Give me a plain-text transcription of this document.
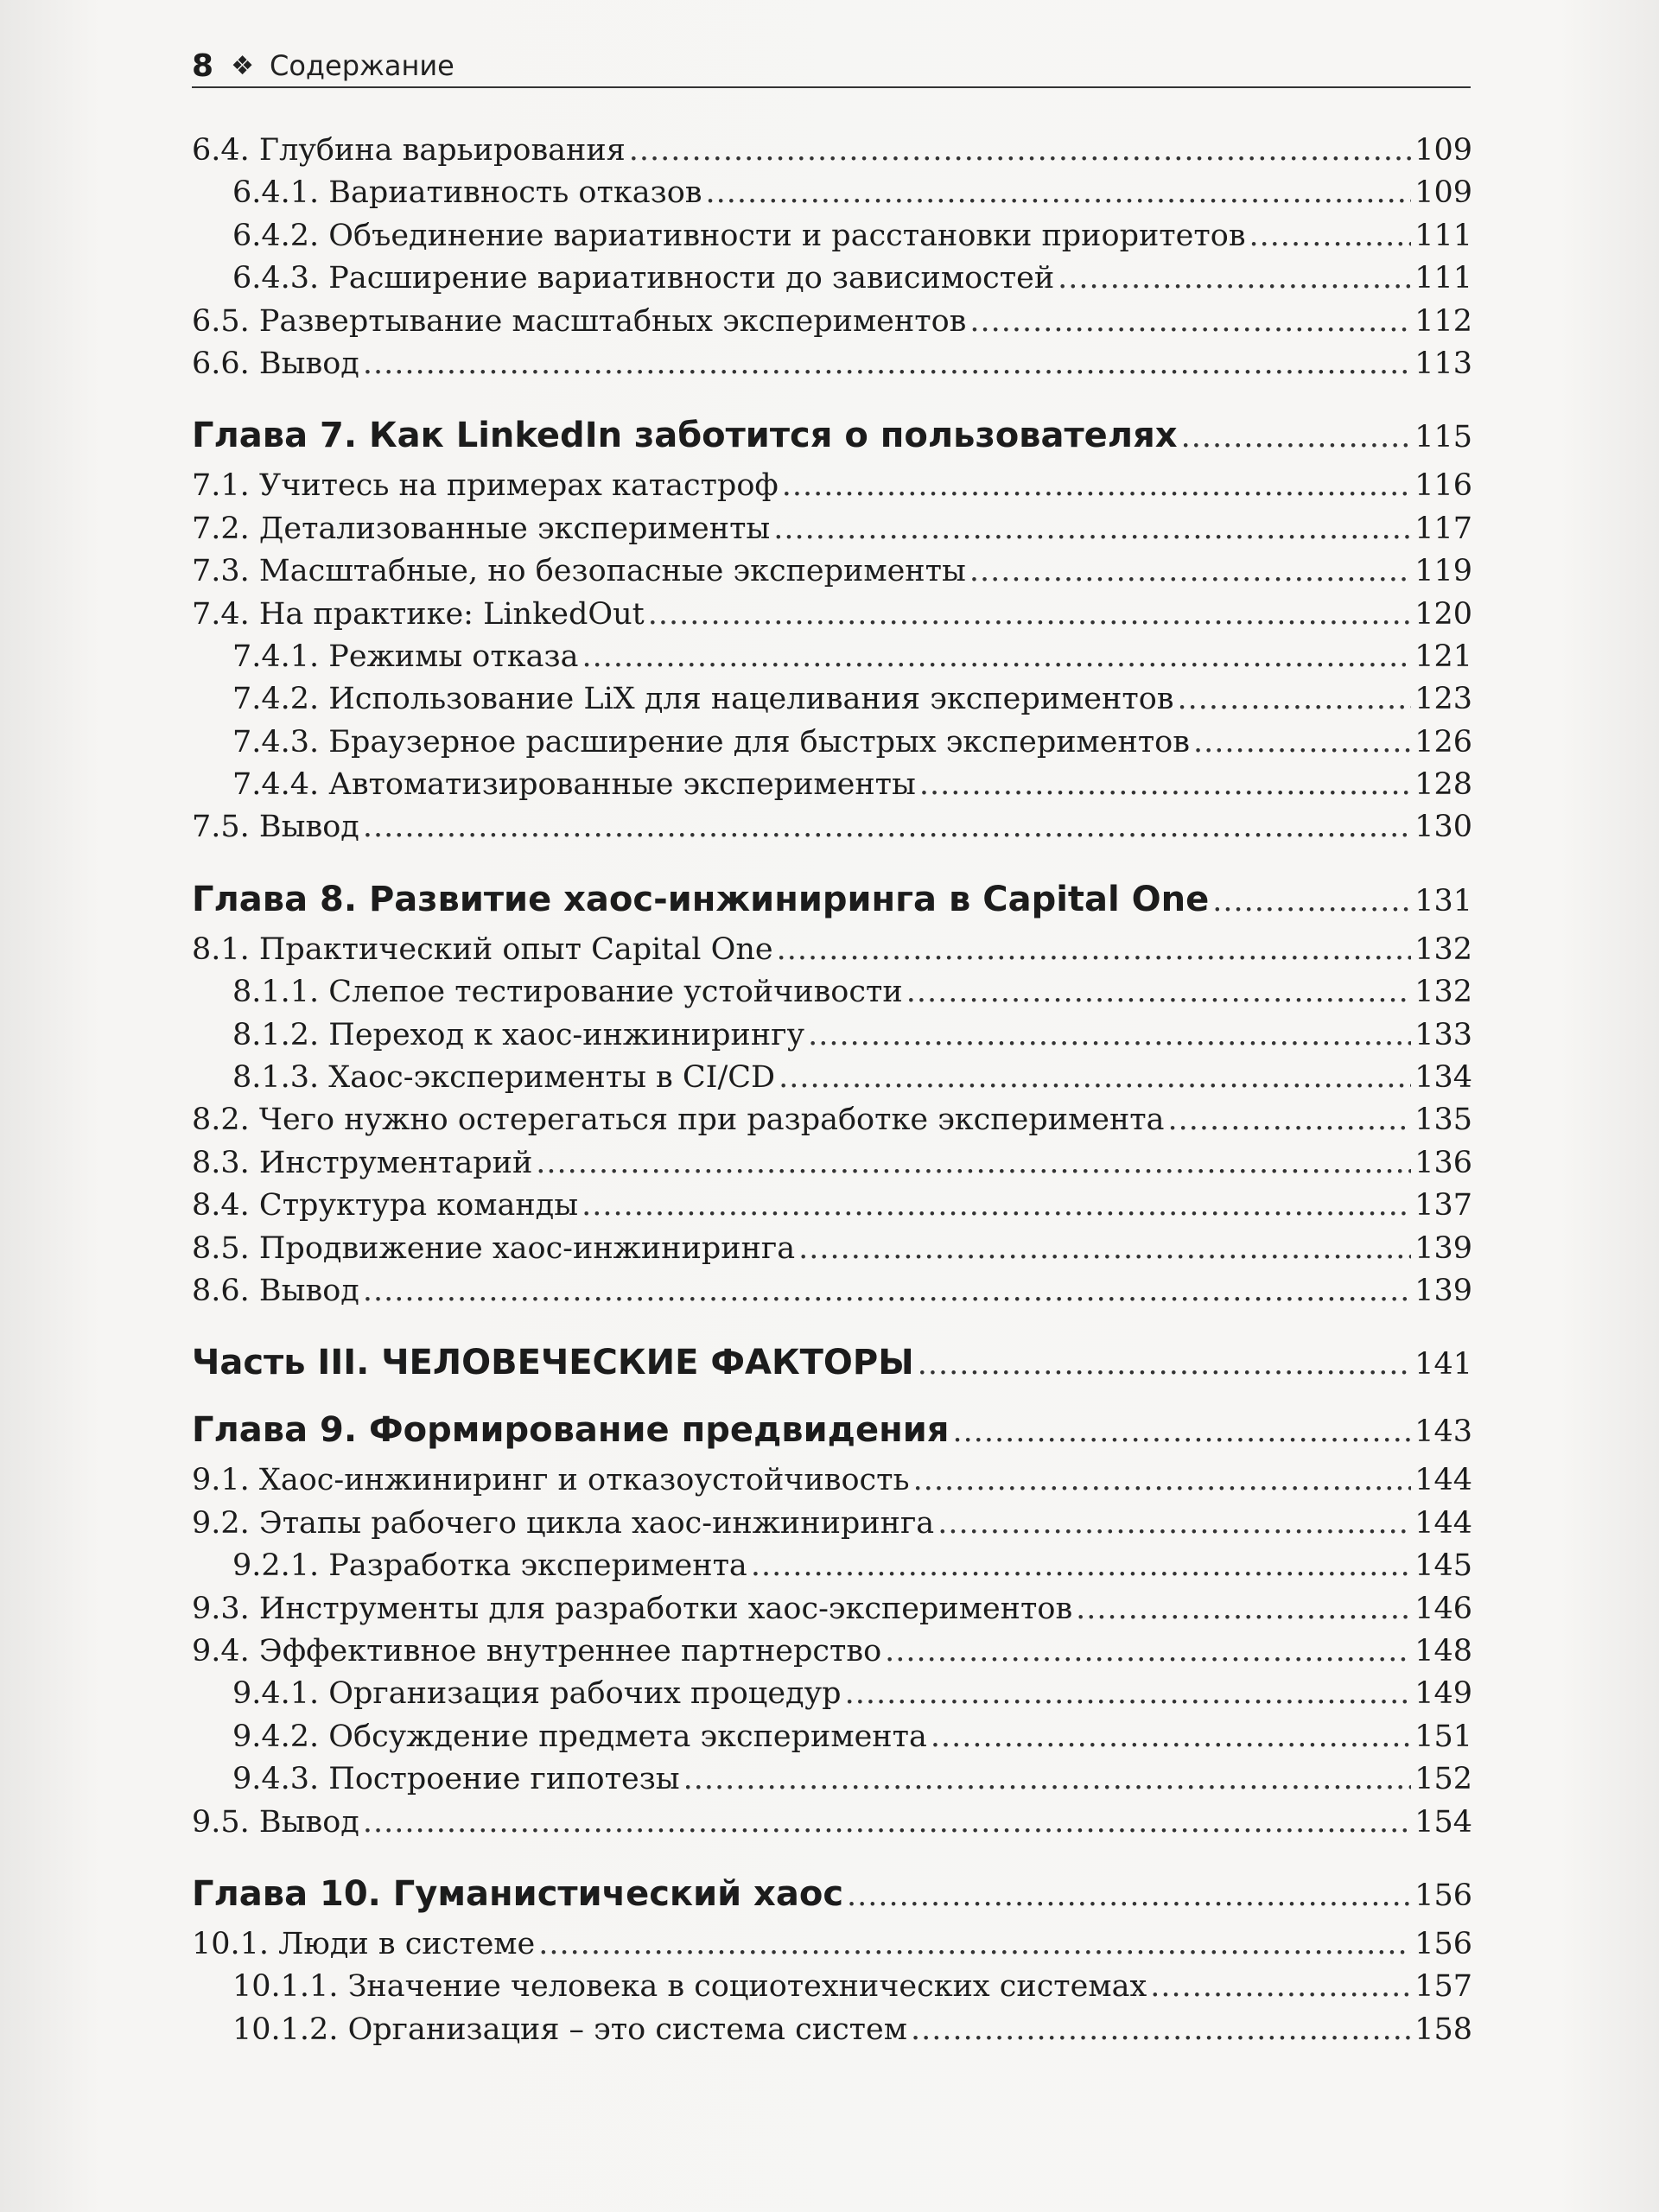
8 ❖ Содержание
6.4. Глубина варьирования .....	109
6.4.1. Вариативность отказов .....	109
6.4.2. Объединение вариативности и расстановки приоритетов .....	111
6.4.3. Расширение вариативности до зависимостей .....	111
6.5. Развертывание масштабных экспериментов .....	112
6.6. Вывод .....	113
Глава 7. Как LinkedIn заботится о пользователях .....	115
7.1. Учитесь на примерах катастроф .....	116
7.2. Детализованные эксперименты .....	117
7.3. Масштабные, но безопасные эксперименты .....	119
7.4. На практике: LinkedOut .....	120
7.4.1. Режимы отказа .....	121
7.4.2. Использование LiX для нацеливания экспериментов .....	123
7.4.3. Браузерное расширение для быстрых экспериментов .....	126
7.4.4. Автоматизированные эксперименты .....	128
7.5. Вывод .....	130
Глава 8. Развитие хаос-инжиниринга в Capital One .....	131
8.1. Практический опыт Capital One .....	132
8.1.1. Слепое тестирование устойчивости .....	132
8.1.2. Переход к хаос-инжинирингу .....	133
8.1.3. Хаос-эксперименты в CI/CD .....	134
8.2. Чего нужно остерегаться при разработке эксперимента .....	135
8.3. Инструментарий .....	136
8.4. Структура команды .....	137
8.5. Продвижение хаос-инжиниринга .....	139
8.6. Вывод .....	139
Часть III. ЧЕЛОВЕЧЕСКИЕ ФАКТОРЫ .....	141
Глава 9. Формирование предвидения .....	143
9.1. Хаос-инжиниринг и отказоустойчивость .....	144
9.2. Этапы рабочего цикла хаос-инжиниринга .....	144
9.2.1. Разработка эксперимента .....	145
9.3. Инструменты для разработки хаос-экспериментов .....	146
9.4. Эффективное внутреннее партнерство .....	148
9.4.1. Организация рабочих процедур .....	149
9.4.2. Обсуждение предмета эксперимента .....	151
9.4.3. Построение гипотезы .....	152
9.5. Вывод .....	154
Глава 10. Гуманистический хаос .....	156
10.1. Люди в системе .....	156
10.1.1. Значение человека в социотехнических системах .....	157
10.1.2. Организация – это система систем .....	158
